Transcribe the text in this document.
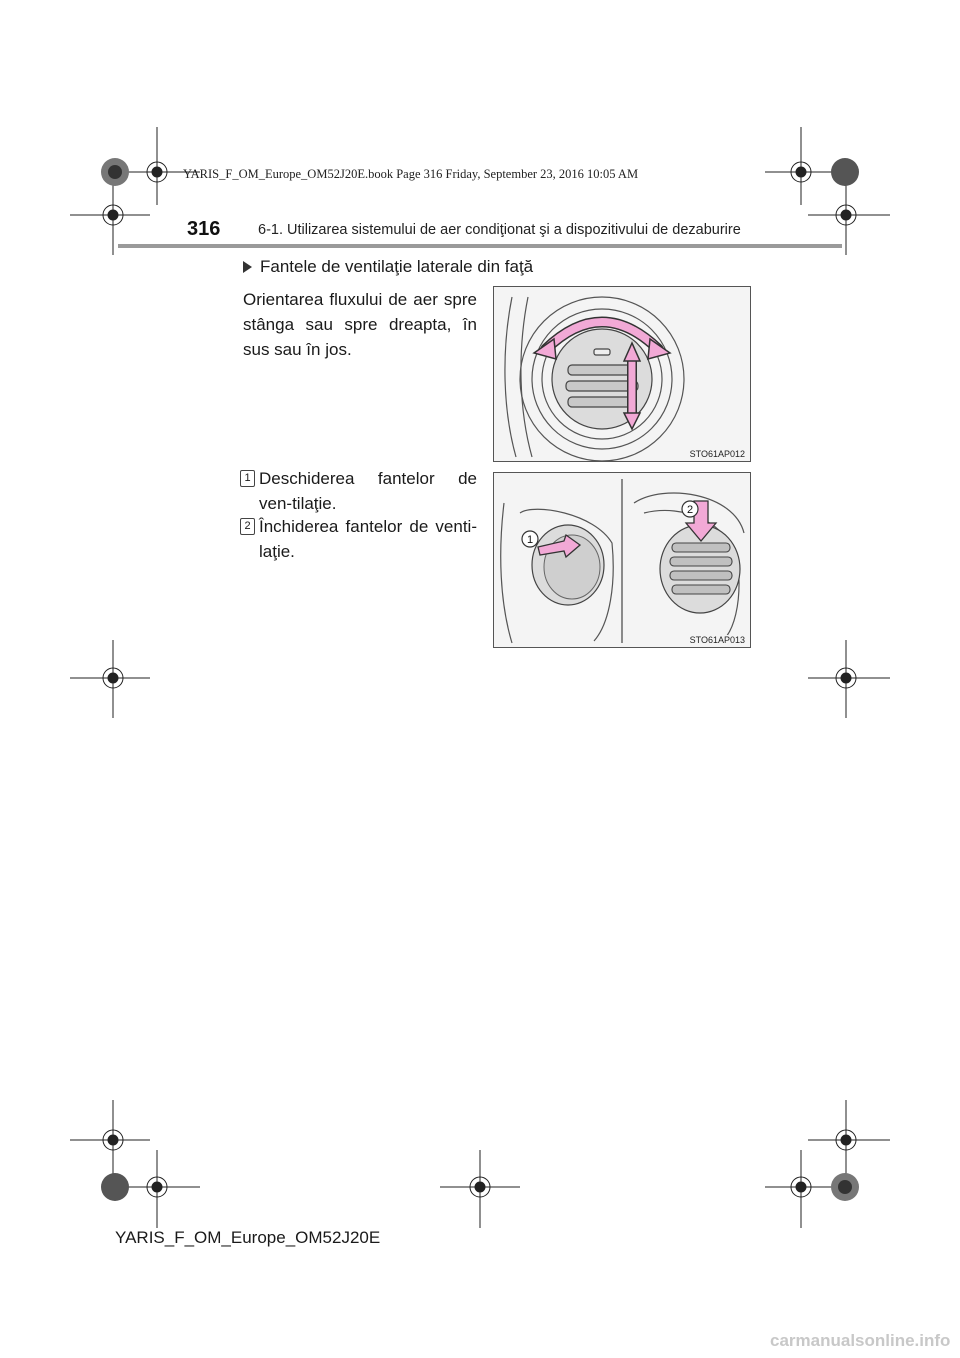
YARIS_F_OM_Europe_OM52J20E.book Page 316 Friday, September 23, 2016 10:05 AM
316	6-1. Utilizarea sistemului de aer condiţionat şi a dispozitivului de dezaburire
Fantele de ventilaţie laterale din faţă
Orientarea fluxului de aer spre stânga sau spre dreapta, în sus sau în jos.
1 Deschiderea fantelor de ven-tilaţie.
2 Închiderea fantelor de venti-laţie.
STO61AP012
1
2
STO61AP013
YARIS_F_OM_Europe_OM52J20E
carmanualsonline.info
